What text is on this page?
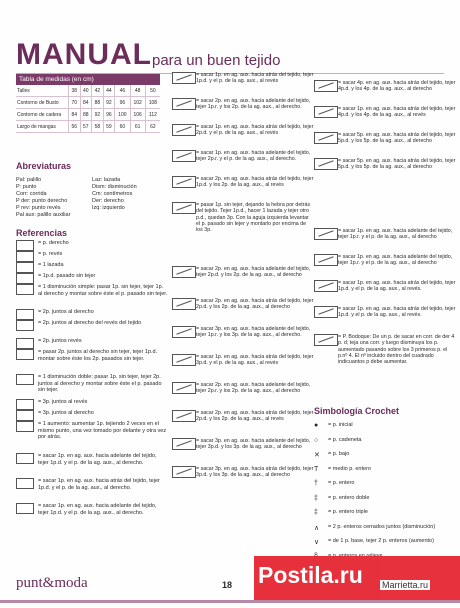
MANUAL para un buen tejido
Tabla de medidas (en cm)
Talles	38	40	42	44	46	48	50
Contorno de Busto	70	84	88	92	96	102	108
Contorno de cadera	84	88	92	96	100	106	112
Largo de mangas	56	57	58	59	60	61	62
Abreviaturas
Pal: palillo
P: punto
Corr: corrida
P der: punto derecho
P rev: punto revés
Pal aux: palillo auxiliar
Laz: lazada
Dism: disminución
Cm: centímetros
Der: derecho
Izq: izquierdo
Referencias
= p. derecho
= p. revés
= 1 lazada
= 1p.d. pasado sin tejer
= 1 disminución simple: pasar 1p. sin tejer, tejer 1p. al derecho y montar sobre éste el p. pasado sin tejer.
= 2p. juntos al derecho
= 2p. juntos al derecho del revés del tejido
= 2p. juntos revés
= pasar 2p. juntos al derecho sin tejer, tejer 1p.d. montar sobre éste los 2p. pasados sin tejer.
= 1 disminución doble: pasar 1p. sin tejer, tejer 2p. juntos al derecho y montar sobre éste el p. pasado sin tejer.
= 3p. juntos al revés
= 3p. juntos al derecho
= 1 aumento: aumentar 1p. tejiendo 2 veces en el mismo punto, una vez tomado por delante y otra vez por atrás.
= sacar 1p. en ag. aux. hacia adelante del tejido, tejer 1p.d. y el p. de la ag. aux., al derecho.
= sacar 1p. en ag. aux. hacia atrás del tejido, tejer 1p.d. y el p. de la ag. aux., al derecho.
= sacar 1p. en ag. aux. hacia adelante del tejido, tejer 1p.d. y el p. de la ag. aux., al derecho.
= sacar 1p. en ag. aux. hacia atrás del tejido, tejer 1p.d. y el p. de la ag. aux., al revés
= sacar 2p. en ag. aux. hacia adelante del tejido, tejer 1p.r. y los 2p. de la ag. aux., al derecho.
= sacar 1p. en ag. aux. hacia atrás del tejido, tejer 2p.d. y el p. de la ag. aux., al revés
= sacar 1p. en ag. aux. hacia adelante del tejido, tejer 2p.r. y el p. de la ag. aux., al derecho.
= sacar 2p. en ag. aux. hacia atrás del tejido, tejer 1p.d. y los 2p. de la ag. aux., al revés
= pasar 1p. sin tejer, dejando la hebra por detrás del tejido. Tejer 1p.d., hacer 1 lazada y tejer otro p.d., quedan 3p. Con la aguja izquierda levantar el p. pasado sin tejer y montarlo por encima de los 3p.
= sacar 2p. en ag. aux. hacia adelante del tejido, tejer 2p.d. y los 2p. de la ag. aux., al derecho
= sacar 2p. en ag. aux. hacia atrás del tejido, tejer 2p.d. y los 2p. de la ag. aux., al derecho
= sacar 3p. en ag. aux. hacia adelante del tejido, tejer 1p.r. y los 3p. de la ag. aux., al derecho.
= sacar 1p. en ag. aux. hacia atrás del tejido, tejer 3p.d. y el p. de la ag. aux., al revés
= sacar 2p. en ag. aux. hacia adelante del tejido, tejer 2p.r. y los 2p. de la ag. aux., al derecho
= sacar 2p. en ag. aux. hacia atrás del tejido, tejer 2p.d. y los 2p. de la ag. aux., al revés
= sacar 3p. en ag. aux. hacia adelante del tejido, tejer 3p.d. y los 3p. de la ag. aux., al derecho
= sacar 3p. en ag. aux. hacia atrás del tejido, tejer 3p.d. y los 3p. de la ag. aux., al derecho
= sacar 4p. en ag. aux. hacia atrás del tejido, tejer 4p.d. y los 4p. de la ag. aux., al derecho
= sacar 1p. en ag. aux. hacia atrás del tejido, tejer 4p.d. y los 4p. de la ag. aux., al revés
= sacar 5p. en ag. aux. hacia atrás del tejido, tejer 5p.d. y los 5p. de la ag. aux., al derecho
= sacar 5p. en ag. aux. hacia atrás del tejido, tejer 5p.d. y los 5p. de la ag. aux., al derecho
= sacar 1p. en ag. aux. hacia adelante del tejido, tejer 1p.r. y el p. de la ag. aux., al derecho
= sacar 1p. en ag. aux. hacia adelante del tejido, tejer 1p.r. y el p. de la ag. aux., al derecho
= sacar 1p. en ag. aux. hacia atrás del tejido, tejer 1p.d. y el p. de la ag. aux., al revés.
= sacar 1p. en ag. aux. hacia atrás del tejido, tejer 1p.d. y el p. de la ag. aux., al revés.
= P. Bodoque: De un p. de sacar en corr. de der 4 p. d; teja una corr. y luego disminuya los p. aumentado pasando sobre los 3 primeros p. el p.nº 4. El nº incluido dentro del cuadrado indicuantos p debe aumentar.
Simbología Crochet
● = p. inicial
○ = p. cadeneta
✕ = p. bajo
T = medio p. entero
† = p. entero
‡ = p. entero doble
‡ = p. entero triple
∧ = 2 p. enteros cerrados juntos (disminución)
∨ = de 1 p. base, tejer 2 p. enteros (aumento)
punt&moda	18 Postila.ru Marrietta.ru
